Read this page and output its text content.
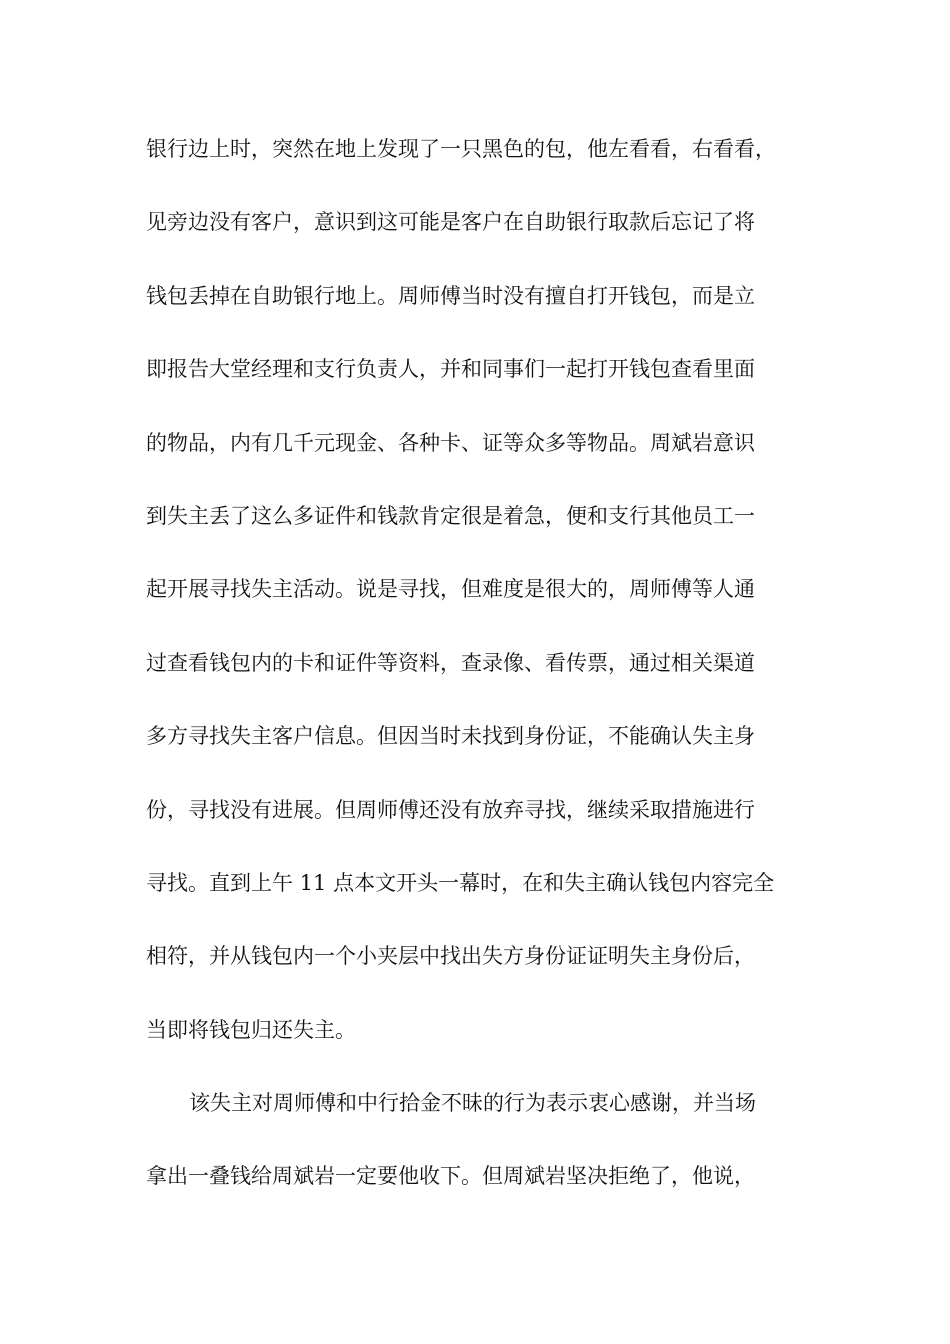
银行边上时，突然在地上发现了一只黑色的包，他左看看，右看看，
见旁边没有客户，意识到这可能是客户在自助银行取款后忘记了将
钱包丢掉在自助银行地上。周师傅当时没有擅自打开钱包，而是立
即报告大堂经理和支行负责人，并和同事们一起打开钱包查看里面
的物品，内有几千元现金、各种卡、证等众多等物品。周斌岩意识
到失主丢了这么多证件和钱款肯定很是着急，便和支行其他员工一
起开展寻找失主活动。说是寻找，但难度是很大的，周师傅等人通
过查看钱包内的卡和证件等资料，查录像、看传票，通过相关渠道
多方寻找失主客户信息。但因当时未找到身份证，不能确认失主身
份，寻找没有进展。但周师傅还没有放弃寻找，继续采取措施进行
寻找。直到上午 11 点本文开头一幕时，在和失主确认钱包内容完全
相符，并从钱包内一个小夹层中找出失方身份证证明失主身份后，
当即将钱包归还失主。
该失主对周师傅和中行拾金不昧的行为表示衷心感谢，并当场
拿出一叠钱给周斌岩一定要他收下。但周斌岩坚决拒绝了，他说，
